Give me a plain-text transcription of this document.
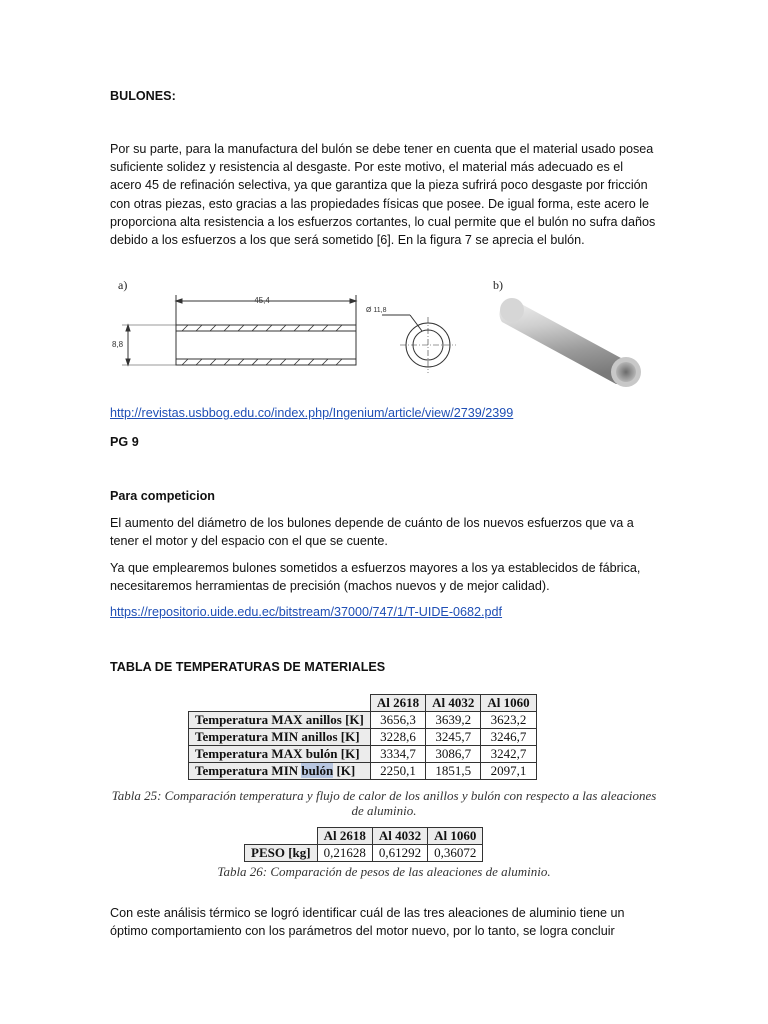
BULONES:

Por su parte, para la manufactura del bulón se debe tener en cuenta que el material usado posea suficiente solidez y resistencia al desgaste. Por este motivo, el material más adecuado es el acero 45 de refinación selectiva, ya que garantiza que la pieza sufrirá poco desgaste por fricción con otras piezas, esto gracias a las propiedades físicas que posee. De igual forma, este acero le proporciona alta resistencia a los esfuerzos cortantes, lo cual permite que el bulón no sufra daños debido a los esfuerzos a los que será sometido [6]. En la figura 7 se aprecia el bulón.

a)	b)
45,4
8,8
Ø 11,8

http://revistas.usbbog.edu.co/index.php/Ingenium/article/view/2739/2399

PG 9

Para competicion

El aumento del diámetro de los bulones depende de cuánto de los nuevos esfuerzos que va a tener el motor y del espacio con el que se cuente.

Ya que emplearemos bulones sometidos a esfuerzos mayores a los ya establecidos de fábrica, necesitaremos herramientas de precisión (machos nuevos y de mejor calidad).

https://repositorio.uide.edu.ec/bitstream/37000/747/1/T-UIDE-0682.pdf

TABLA DE TEMPERATURAS DE MATERIALES

	Al 2618	Al 4032	Al 1060
Temperatura MAX anillos [K]	3656,3	3639,2	3623,2
Temperatura MIN anillos [K]	3228,6	3245,7	3246,7
Temperatura MAX bulón [K]	3334,7	3086,7	3242,7
Temperatura MIN bulón [K]	2250,1	1851,5	2097,1
Tabla 25: Comparación temperatura y flujo de calor de los anillos y bulón con respecto a las aleaciones de aluminio.
	Al 2618	Al 4032	Al 1060
PESO [kg]	0,21628	0,61292	0,36072
Tabla 26: Comparación de pesos de las aleaciones de aluminio.

Con este análisis térmico se logró identificar cuál de las tres aleaciones de aluminio tiene un óptimo comportamiento con los parámetros del motor nuevo, por lo tanto, se logra concluir
